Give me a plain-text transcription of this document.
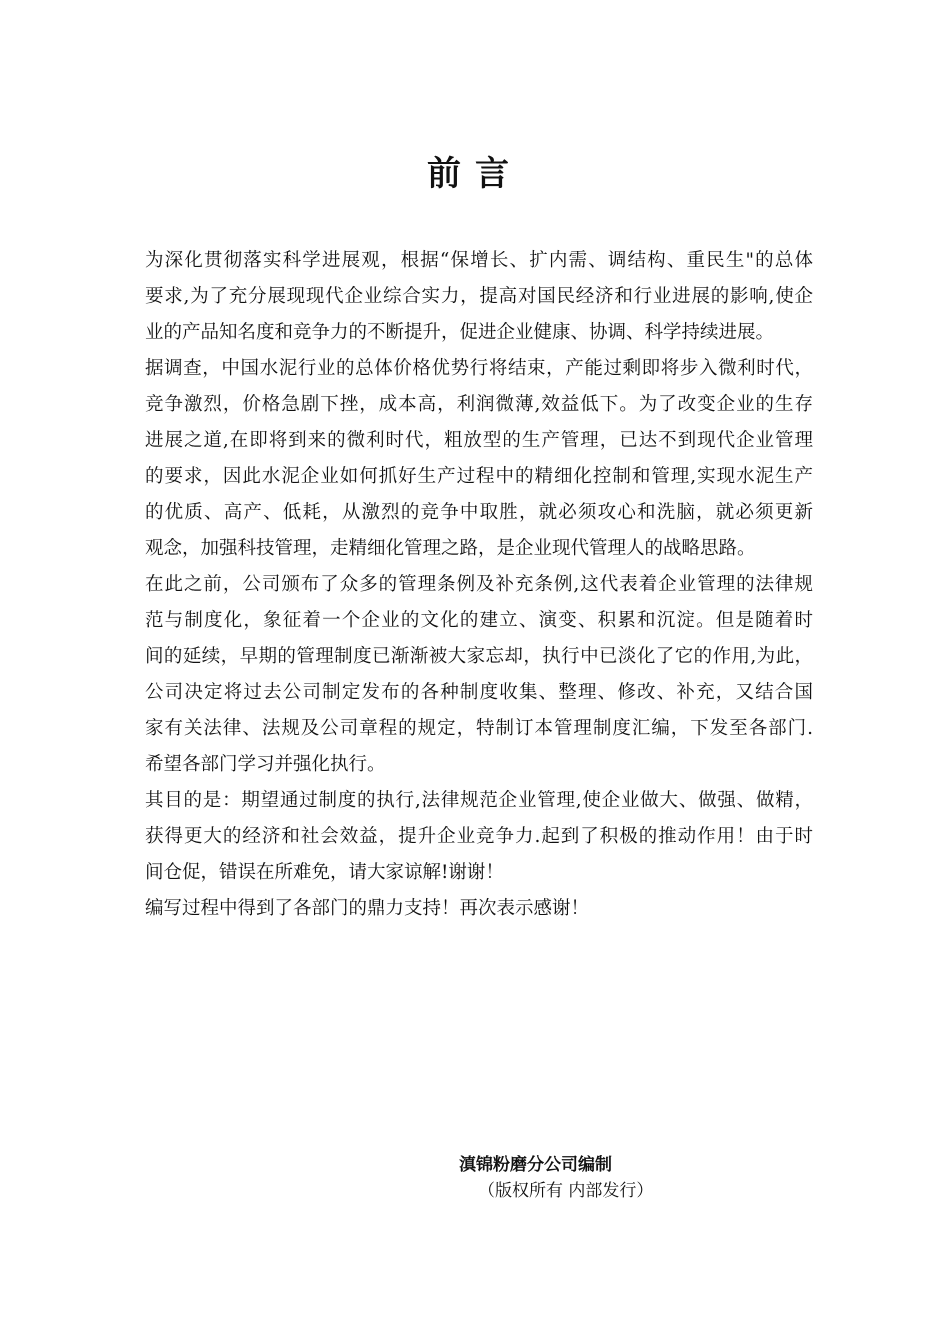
前言
为深化贯彻落实科学进展观，根据“保增长、扩内需、调结构、重民生"的总体
要求,为了充分展现现代企业综合实力，提高对国民经济和行业进展的影响,使企
业的产品知名度和竞争力的不断提升，促进企业健康、协调、科学持续进展。
据调查，中国水泥行业的总体价格优势行将结束，产能过剩即将步入微利时代，
竞争激烈，价格急剧下挫，成本高，利润微薄,效益低下。为了改变企业的生存
进展之道,在即将到来的微利时代，粗放型的生产管理，已达不到现代企业管理
的要求，因此水泥企业如何抓好生产过程中的精细化控制和管理,实现水泥生产
的优质、高产、低耗，从激烈的竞争中取胜，就必须攻心和洗脑，就必须更新
观念，加强科技管理，走精细化管理之路，是企业现代管理人的战略思路。
在此之前，公司颁布了众多的管理条例及补充条例,这代表着企业管理的法律规
范与制度化，象征着一个企业的文化的建立、演变、积累和沉淀。但是随着时
间的延续，早期的管理制度已渐渐被大家忘却，执行中已淡化了它的作用,为此，
公司决定将过去公司制定发布的各种制度收集、整理、修改、补充，又结合国
家有关法律、法规及公司章程的规定，特制订本管理制度汇编，下发至各部门.
希望各部门学习并强化执行。
其目的是：期望通过制度的执行,法律规范企业管理,使企业做大、做强、做精，
获得更大的经济和社会效益，提升企业竞争力.起到了积极的推动作用！由于时
间仓促，错误在所难免，请大家谅解!谢谢！
编写过程中得到了各部门的鼎力支持！再次表示感谢！
滇锦粉磨分公司编制
（版权所有 内部发行）
